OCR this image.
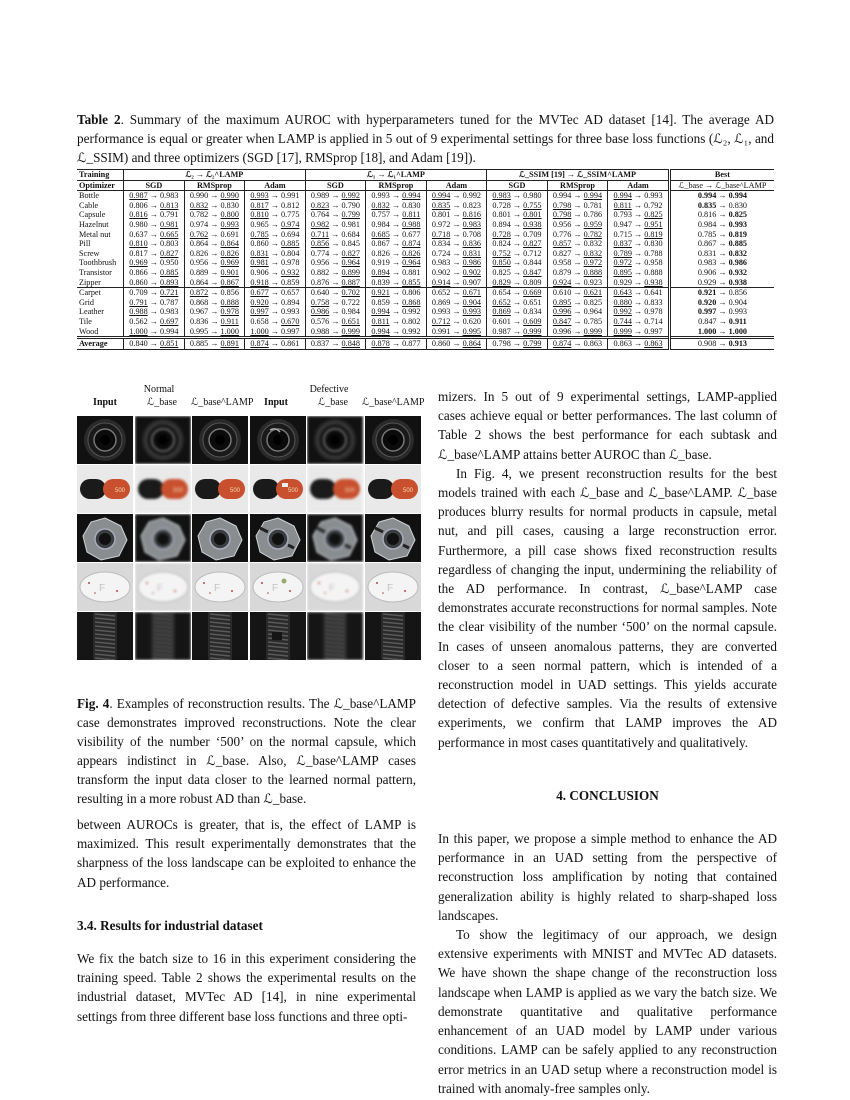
Table 2. Summary of the maximum AUROC with hyperparameters tuned for the MVTec AD dataset [14]. The average AD performance is equal or greater when LAMP is applied in 5 out of 9 experimental settings for three base loss functions (ℒ₂, ℒ₁, and ℒ_SSIM) and three optimizers (SGD [17], RMSprop [18], and Adam [19]).
Training	ℒ₂ → ℒ₂^LAMP			ℒ₁ → ℒ₁^LAMP			ℒ_SSIM [19] → ℒ_SSIM^LAMP			Best
Optimizer	SGD	RMSprop	Adam	SGD	RMSprop	Adam	SGD	RMSprop	Adam	ℒ_base → ℒ_base^LAMP
Bottle	0.987 → 0.983	0.990 → 0.990	0.993 → 0.991	0.989 → 0.992	0.993 → 0.994	0.994 → 0.992	0.983 → 0.980	0.994 → 0.994	0.994 → 0.993	0.994 → 0.994
Cable	0.806 → 0.813	0.832 → 0.830	0.817 → 0.812	0.823 → 0.790	0.832 → 0.830	0.835 → 0.823	0.728 → 0.755	0.798 → 0.781	0.811 → 0.792	0.835 → 0.830
Capsule	0.816 → 0.791	0.782 → 0.800	0.810 → 0.775	0.764 → 0.799	0.757 → 0.811	0.801 → 0.816	0.801 → 0.801	0.798 → 0.786	0.793 → 0.825	0.816 → 0.825
Hazelnut	0.980 → 0.981	0.974 → 0.993	0.965 → 0.974	0.982 → 0.981	0.984 → 0.988	0.972 → 0.983	0.894 → 0.938	0.956 → 0.959	0.947 → 0.951	0.984 → 0.993
Metal nut	0.637 → 0.665	0.762 → 0.691	0.785 → 0.694	0.711 → 0.684	0.685 → 0.677	0.718 → 0.708	0.728 → 0.709	0.776 → 0.782	0.715 → 0.819	0.785 → 0.819
Pill	0.810 → 0.803	0.864 → 0.864	0.860 → 0.885	0.856 → 0.845	0.867 → 0.874	0.834 → 0.836	0.824 → 0.827	0.857 → 0.832	0.837 → 0.830	0.867 → 0.885
Screw	0.817 → 0.827	0.826 → 0.826	0.831 → 0.804	0.774 → 0.827	0.826 → 0.826	0.724 → 0.831	0.752 → 0.712	0.827 → 0.832	0.789 → 0.788	0.831 → 0.832
Toothbrush	0.969 → 0.950	0.956 → 0.969	0.981 → 0.978	0.956 → 0.964	0.919 → 0.964	0.983 → 0.986	0.850 → 0.844	0.958 → 0.972	0.972 → 0.958	0.983 → 0.986
Transistor	0.866 → 0.885	0.889 → 0.901	0.906 → 0.932	0.882 → 0.899	0.894 → 0.881	0.902 → 0.902	0.825 → 0.847	0.879 → 0.888	0.895 → 0.888	0.906 → 0.932
Zipper	0.860 → 0.893	0.864 → 0.867	0.918 → 0.859	0.876 → 0.887	0.839 → 0.855	0.914 → 0.907	0.829 → 0.809	0.924 → 0.923	0.929 → 0.938	0.929 → 0.938
Carpet	0.709 → 0.721	0.872 → 0.856	0.677 → 0.657	0.640 → 0.702	0.921 → 0.806	0.652 → 0.671	0.654 → 0.669	0.610 → 0.621	0.643 → 0.641	0.921 → 0.856
Grid	0.791 → 0.787	0.868 → 0.888	0.920 → 0.894	0.758 → 0.722	0.859 → 0.868	0.869 → 0.904	0.652 → 0.651	0.895 → 0.825	0.880 → 0.833	0.920 → 0.904
Leather	0.988 → 0.983	0.967 → 0.978	0.997 → 0.993	0.986 → 0.984	0.994 → 0.992	0.993 → 0.993	0.869 → 0.834	0.996 → 0.964	0.992 → 0.978	0.997 → 0.993
Tile	0.562 → 0.697	0.836 → 0.911	0.658 → 0.670	0.576 → 0.651	0.811 → 0.802	0.712 → 0.620	0.601 → 0.609	0.847 → 0.785	0.744 → 0.714	0.847 → 0.911
Wood	1.000 → 0.994	0.995 → 1.000	1.000 → 0.997	0.988 → 0.999	0.994 → 0.992	0.991 → 0.995	0.987 → 0.999	0.996 → 0.999	0.999 → 0.997	1.000 → 1.000
Average	0.840 → 0.851	0.885 → 0.891	0.874 → 0.861	0.837 → 0.848	0.878 → 0.877	0.860 → 0.864	0.798 → 0.799	0.874 → 0.863	0.863 → 0.863	0.908 → 0.913
Normal	Defective
Input	ℒ_base	ℒ_base^LAMP	Input	ℒ_base	ℒ_base^LAMP
500	500	500	500	500	500
F	F	F	F	F	F
Fig. 4. Examples of reconstruction results. The ℒ_base^LAMP case demonstrates improved reconstructions. Note the clear visibility of the number ‘500’ on the normal capsule, which appears indistinct in ℒ_base. Also, ℒ_base^LAMP cases transform the input data closer to the learned normal pattern, resulting in a more robust AD than ℒ_base.

between AUROCs is greater, that is, the effect of LAMP is maximized. This result experimentally demonstrates that the sharpness of the loss landscape can be exploited to enhance the AD performance.

3.4. Results for industrial dataset

We fix the batch size to 16 in this experiment considering the training speed. Table 2 shows the experimental results on the industrial dataset, MVTec AD [14], in nine experimental settings from three different base loss functions and three opti-

mizers. In 5 out of 9 experimental settings, LAMP-applied cases achieve equal or better performances. The last column of Table 2 shows the best performance for each subtask and ℒ_base^LAMP attains better AUROC than ℒ_base.

In Fig. 4, we present reconstruction results for the best models trained with each ℒ_base and ℒ_base^LAMP. ℒ_base produces blurry results for normal products in capsule, metal nut, and pill cases, causing a large reconstruction error. Furthermore, a pill case shows fixed reconstruction results regardless of changing the input, undermining the reliability of the AD performance. In contrast, ℒ_base^LAMP case demonstrates accurate reconstructions for normal samples. Note the clear visibility of the number ‘500’ on the normal capsule. In cases of unseen anomalous patterns, they are converted closer to a seen normal pattern, which is intended of a reconstruction model in UAD settings. This yields accurate detection of defective samples. Via the results of extensive experiments, we confirm that LAMP improves the AD performance in most cases quantitatively and qualitatively.

4. CONCLUSION

In this paper, we propose a simple method to enhance the AD performance in an UAD setting from the perspective of reconstruction loss amplification by noting that contained generalization ability is highly related to sharp-shaped loss landscapes.

To show the legitimacy of our approach, we design extensive experiments with MNIST and MVTec AD datasets. We have shown the shape change of the reconstruction loss landscape when LAMP is applied as we vary the batch size. We demonstrate quantitative and qualitative performance enhancement of an UAD model by LAMP under various conditions. LAMP can be safely applied to any reconstruction error metrics in an UAD setup where a reconstruction model is trained with anomaly-free samples only.
